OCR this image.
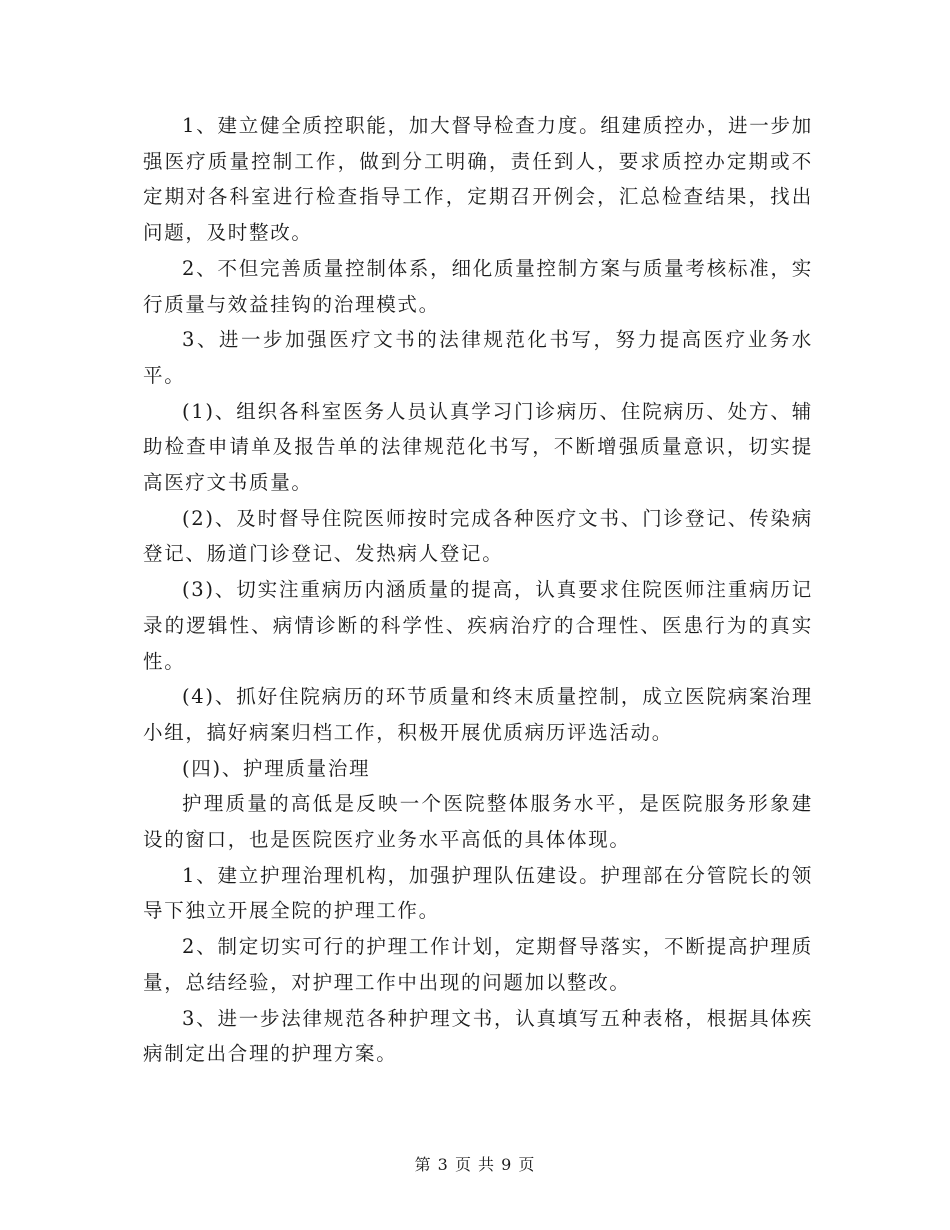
1、建立健全质控职能，加大督导检查力度。组建质控办，进一步加强医疗质量控制工作，做到分工明确，责任到人，要求质控办定期或不定期对各科室进行检查指导工作，定期召开例会，汇总检查结果，找出问题，及时整改。

2、不但完善质量控制体系，细化质量控制方案与质量考核标准，实行质量与效益挂钩的治理模式。

3、进一步加强医疗文书的法律规范化书写，努力提高医疗业务水平。

(1)、组织各科室医务人员认真学习门诊病历、住院病历、处方、辅助检查申请单及报告单的法律规范化书写，不断增强质量意识，切实提高医疗文书质量。

(2)、及时督导住院医师按时完成各种医疗文书、门诊登记、传染病登记、肠道门诊登记、发热病人登记。

(3)、切实注重病历内涵质量的提高，认真要求住院医师注重病历记录的逻辑性、病情诊断的科学性、疾病治疗的合理性、医患行为的真实性。

(4)、抓好住院病历的环节质量和终末质量控制，成立医院病案治理小组，搞好病案归档工作，积极开展优质病历评选活动。

(四)、护理质量治理

护理质量的高低是反映一个医院整体服务水平，是医院服务形象建设的窗口，也是医院医疗业务水平高低的具体体现。

1、建立护理治理机构，加强护理队伍建设。护理部在分管院长的领导下独立开展全院的护理工作。

2、制定切实可行的护理工作计划，定期督导落实，不断提高护理质量，总结经验，对护理工作中出现的问题加以整改。

3、进一步法律规范各种护理文书，认真填写五种表格，根据具体疾病制定出合理的护理方案。

第 3 页 共 9 页
